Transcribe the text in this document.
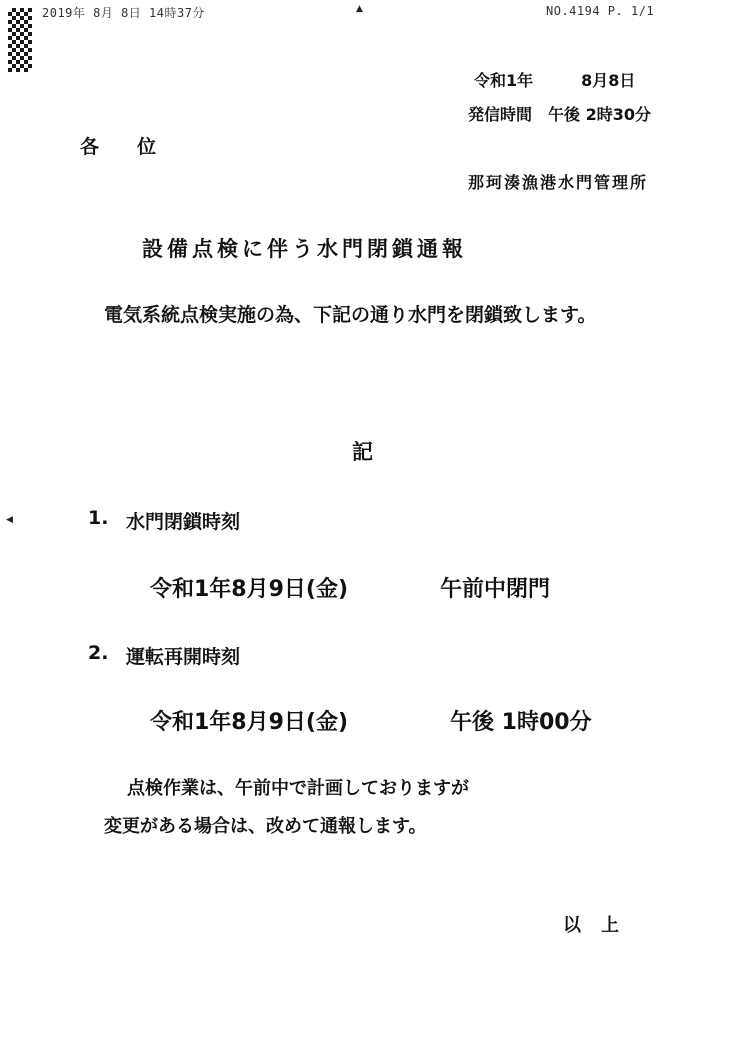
2019年 8月 8日 14時37分	NO.4194 P. 1/1
▲
◀
令和1年　　　8月8日
発信時間　午後 2時30分
各位
那珂湊漁港水門管理所
設備点検に伴う水門閉鎖通報
電気系統点検実施の為、下記の通り水門を閉鎖致します。
記
1. 水門閉鎖時刻
令和1年8月9日(金)	午前中閉門
2. 運転再開時刻
令和1年8月9日(金)	午後 1時00分
点検作業は、午前中で計画しておりますが
変更がある場合は、改めて通報します。
以上
